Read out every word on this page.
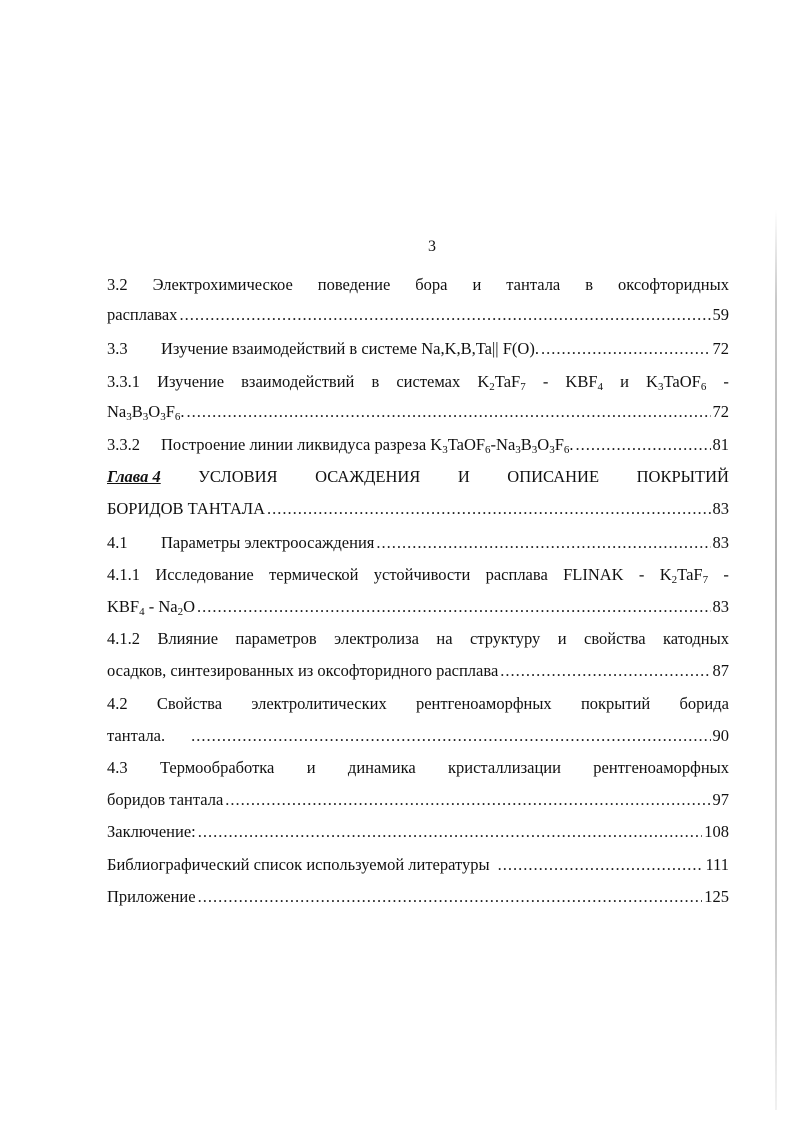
3
3.2 Электрохимическое поведение бора и тантала в оксофторидных
расплавах .....	59
3.3 Изучение взаимодействий в системе Na,K,B,Ta|| F(O). .....	72
3.3.1 Изучение взаимодействий в системах $K_2TaF_7 - KBF_4$ и $K_3TaOF_6$ -
$Na_3B_3O_3F_6$. .....	72
3.3.2 Построение линии ликвидуса разреза $K_3TaOF_6-Na_3B_3O_3F_6$. .....	81
Глава 4 УСЛОВИЯ ОСАЖДЕНИЯ И ОПИСАНИЕ ПОКРЫТИЙ
БОРИДОВ ТАНТАЛА .....	83
4.1 Параметры электроосаждения .....	83
4.1.1 Исследование термической устойчивости расплава FLINAK - $K_2TaF_7$ -
$KBF_4 - Na_2O$ .....	83
4.1.2 Влияние параметров электролиза на структуру и свойства катодных
осадков, синтезированных из оксофторидного расплава .....	87
4.2 Свойства электролитических рентгеноаморфных покрытий борида
тантала. .....	90
4.3 Термообработка и динамика кристаллизации рентгеноаморфных
боридов тантала .....	97
Заключение: .....	108
Библиографический список используемой литературы .....	111
Приложение .....	125
